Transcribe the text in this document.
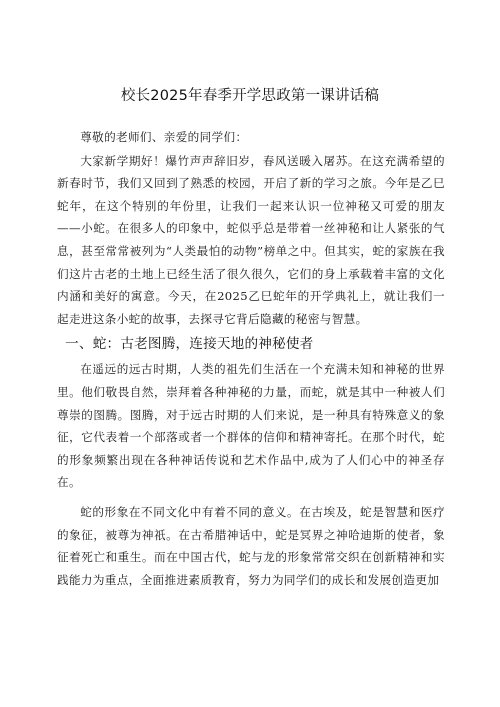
校长2025年春季开学思政第一课讲话稿

尊敬的老师们、亲爱的同学们：

大家新学期好！爆竹声声辞旧岁，春风送暖入屠苏。在这充满希望的新春时节，我们又回到了熟悉的校园，开启了新的学习之旅。今年是乙巳蛇年，在这个特别的年份里，让我们一起来认识一位神秘又可爱的朋友——小蛇。在很多人的印象中，蛇似乎总是带着一丝神秘和让人紧张的气息，甚至常常被列为“人类最怕的动物”榜单之中。但其实，蛇的家族在我们这片古老的土地上已经生活了很久很久，它们的身上承载着丰富的文化内涵和美好的寓意。今天，在2025乙巳蛇年的开学典礼上，就让我们一起走进这条小蛇的故事，去探寻它背后隐藏的秘密与智慧。

一、蛇：古老图腾，连接天地的神秘使者

在遥远的远古时期，人类的祖先们生活在一个充满未知和神秘的世界里。他们敬畏自然，崇拜着各种神秘的力量，而蛇，就是其中一种被人们尊崇的图腾。图腾，对于远古时期的人们来说，是一种具有特殊意义的象征，它代表着一个部落或者一个群体的信仰和精神寄托。在那个时代，蛇的形象频繁出现在各种神话传说和艺术作品中,成为了人们心中的神圣存在。

蛇的形象在不同文化中有着不同的意义。在古埃及，蛇是智慧和医疗的象征，被尊为神祇。在古希腊神话中，蛇是冥界之神哈迪斯的使者，象征着死亡和重生。而在中国古代，蛇与龙的形象常常交织在创新精神和实践能力为重点，全面推进素质教育，努力为同学们的成长和发展创造更加
